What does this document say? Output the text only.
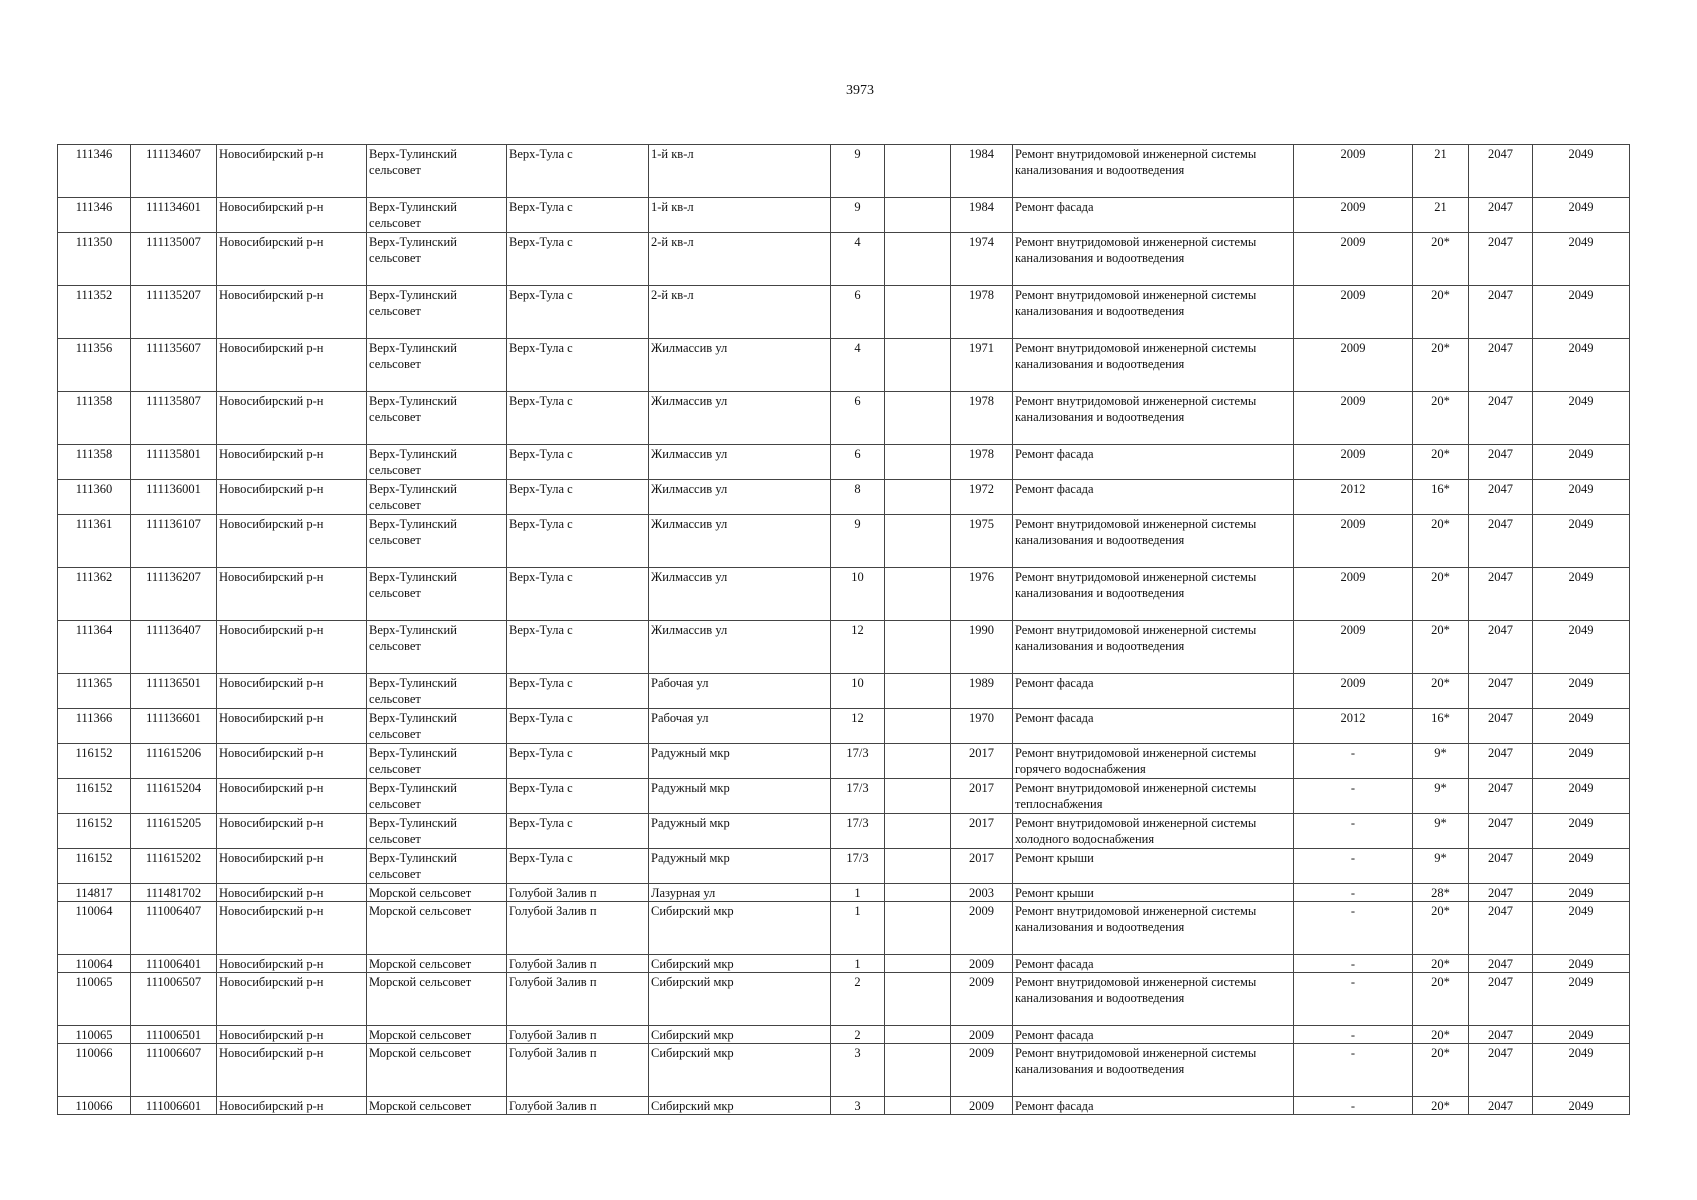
3973
111346	111134607	Новосибирский р-н	Верх-Тулинский сельсовет	Верх-Тула с	1-й кв-л	9		1984	Ремонт внутридомовой инженерной системы канализования и водоотведения	2009	21	2047	2049
111346	111134601	Новосибирский р-н	Верх-Тулинский сельсовет	Верх-Тула с	1-й кв-л	9		1984	Ремонт фасада	2009	21	2047	2049
111350	111135007	Новосибирский р-н	Верх-Тулинский сельсовет	Верх-Тула с	2-й кв-л	4		1974	Ремонт внутридомовой инженерной системы канализования и водоотведения	2009	20*	2047	2049
111352	111135207	Новосибирский р-н	Верх-Тулинский сельсовет	Верх-Тула с	2-й кв-л	6		1978	Ремонт внутридомовой инженерной системы канализования и водоотведения	2009	20*	2047	2049
111356	111135607	Новосибирский р-н	Верх-Тулинский сельсовет	Верх-Тула с	Жилмассив ул	4		1971	Ремонт внутридомовой инженерной системы канализования и водоотведения	2009	20*	2047	2049
111358	111135807	Новосибирский р-н	Верх-Тулинский сельсовет	Верх-Тула с	Жилмассив ул	6		1978	Ремонт внутридомовой инженерной системы канализования и водоотведения	2009	20*	2047	2049
111358	111135801	Новосибирский р-н	Верх-Тулинский сельсовет	Верх-Тула с	Жилмассив ул	6		1978	Ремонт фасада	2009	20*	2047	2049
111360	111136001	Новосибирский р-н	Верх-Тулинский сельсовет	Верх-Тула с	Жилмассив ул	8		1972	Ремонт фасада	2012	16*	2047	2049
111361	111136107	Новосибирский р-н	Верх-Тулинский сельсовет	Верх-Тула с	Жилмассив ул	9		1975	Ремонт внутридомовой инженерной системы канализования и водоотведения	2009	20*	2047	2049
111362	111136207	Новосибирский р-н	Верх-Тулинский сельсовет	Верх-Тула с	Жилмассив ул	10		1976	Ремонт внутридомовой инженерной системы канализования и водоотведения	2009	20*	2047	2049
111364	111136407	Новосибирский р-н	Верх-Тулинский сельсовет	Верх-Тула с	Жилмассив ул	12		1990	Ремонт внутридомовой инженерной системы канализования и водоотведения	2009	20*	2047	2049
111365	111136501	Новосибирский р-н	Верх-Тулинский сельсовет	Верх-Тула с	Рабочая ул	10		1989	Ремонт фасада	2009	20*	2047	2049
111366	111136601	Новосибирский р-н	Верх-Тулинский сельсовет	Верх-Тула с	Рабочая ул	12		1970	Ремонт фасада	2012	16*	2047	2049
116152	111615206	Новосибирский р-н	Верх-Тулинский сельсовет	Верх-Тула с	Радужный мкр	17/3		2017	Ремонт внутридомовой инженерной системы горячего водоснабжения	-	9*	2047	2049
116152	111615204	Новосибирский р-н	Верх-Тулинский сельсовет	Верх-Тула с	Радужный мкр	17/3		2017	Ремонт внутридомовой инженерной системы теплоснабжения	-	9*	2047	2049
116152	111615205	Новосибирский р-н	Верх-Тулинский сельсовет	Верх-Тула с	Радужный мкр	17/3		2017	Ремонт внутридомовой инженерной системы холодного водоснабжения	-	9*	2047	2049
116152	111615202	Новосибирский р-н	Верх-Тулинский сельсовет	Верх-Тула с	Радужный мкр	17/3		2017	Ремонт крыши	-	9*	2047	2049
114817	111481702	Новосибирский р-н	Морской сельсовет	Голубой Залив п	Лазурная ул	1		2003	Ремонт крыши	-	28*	2047	2049
110064	111006407	Новосибирский р-н	Морской сельсовет	Голубой Залив п	Сибирский мкр	1		2009	Ремонт внутридомовой инженерной системы канализования и водоотведения	-	20*	2047	2049
110064	111006401	Новосибирский р-н	Морской сельсовет	Голубой Залив п	Сибирский мкр	1		2009	Ремонт фасада	-	20*	2047	2049
110065	111006507	Новосибирский р-н	Морской сельсовет	Голубой Залив п	Сибирский мкр	2		2009	Ремонт внутридомовой инженерной системы канализования и водоотведения	-	20*	2047	2049
110065	111006501	Новосибирский р-н	Морской сельсовет	Голубой Залив п	Сибирский мкр	2		2009	Ремонт фасада	-	20*	2047	2049
110066	111006607	Новосибирский р-н	Морской сельсовет	Голубой Залив п	Сибирский мкр	3		2009	Ремонт внутридомовой инженерной системы канализования и водоотведения	-	20*	2047	2049
110066	111006601	Новосибирский р-н	Морской сельсовет	Голубой Залив п	Сибирский мкр	3		2009	Ремонт фасада	-	20*	2047	2049
